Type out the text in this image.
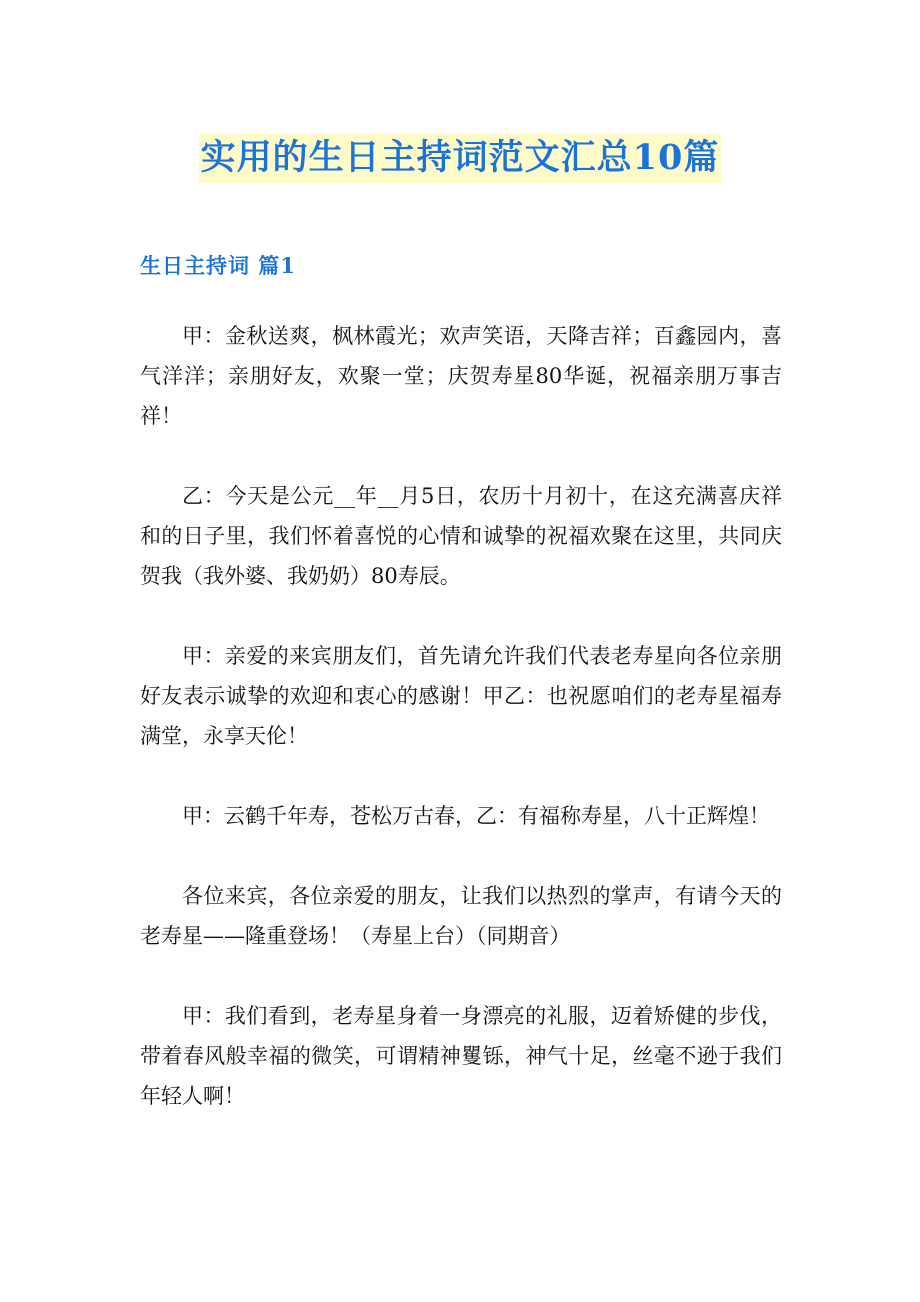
实用的生日主持词范文汇总10篇
生日主持词 篇1

甲：金秋送爽，枫林霞光；欢声笑语，天降吉祥；百鑫园内，喜气洋洋；亲朋好友，欢聚一堂；庆贺寿星80华诞，祝福亲朋万事吉祥！

乙：今天是公元__年__月5日，农历十月初十，在这充满喜庆祥和的日子里，我们怀着喜悦的心情和诚挚的祝福欢聚在这里，共同庆贺我（我外婆、我奶奶）80寿辰。

甲：亲爱的来宾朋友们，首先请允许我们代表老寿星向各位亲朋好友表示诚挚的欢迎和衷心的感谢！甲乙：也祝愿咱们的老寿星福寿满堂，永享天伦！

甲：云鹤千年寿，苍松万古春，乙：有福称寿星，八十正辉煌！

各位来宾，各位亲爱的朋友，让我们以热烈的掌声，有请今天的老寿星——隆重登场！（寿星上台）（同期音）

甲：我们看到，老寿星身着一身漂亮的礼服，迈着矫健的步伐，带着春风般幸福的微笑，可谓精神矍铄，神气十足，丝毫不逊于我们年轻人啊！
